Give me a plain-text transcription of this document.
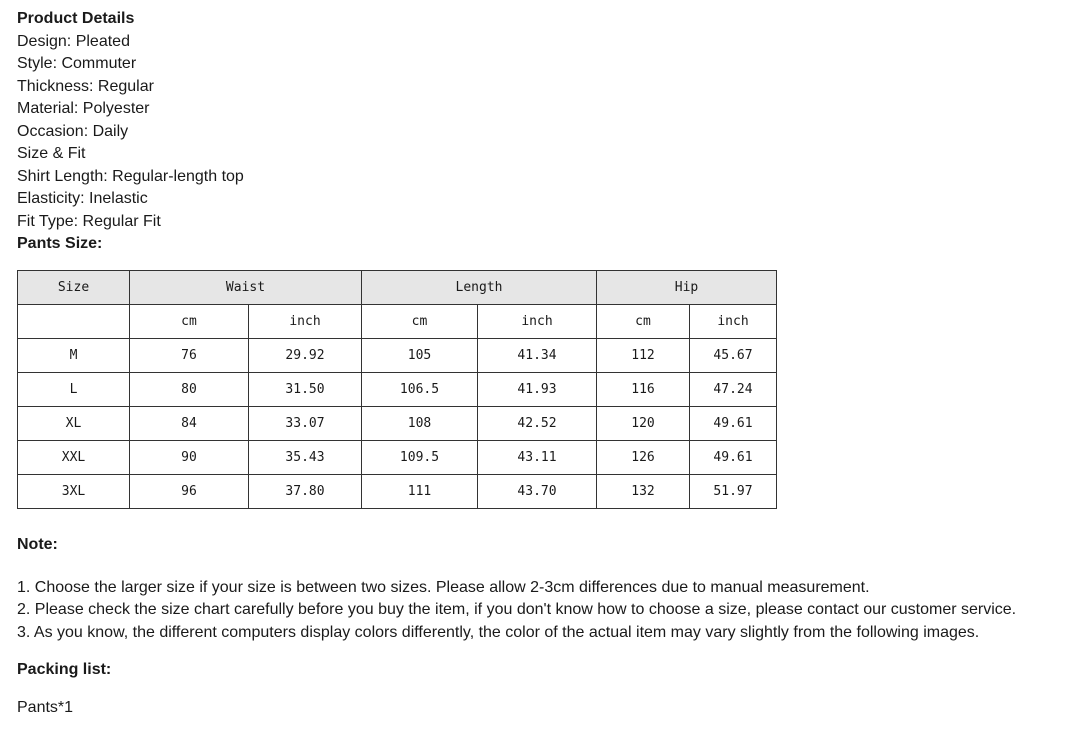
Product Details
Design: Pleated
Style: Commuter
Thickness: Regular
Material: Polyester
Occasion: Daily
Size & Fit
Shirt Length: Regular-length top
Elasticity: Inelastic
Fit Type: Regular Fit
Pants Size:
Size	Waist		Length		Hip	
	cm	inch	cm	inch	cm	inch
M	76	29.92	105	41.34	112	45.67
L	80	31.50	106.5	41.93	116	47.24
XL	84	33.07	108	42.52	120	49.61
XXL	90	35.43	109.5	43.11	126	49.61
3XL	96	37.80	111	43.70	132	51.97
Note:
1. Choose the larger size if your size is between two sizes. Please allow 2-3cm differences due to manual measurement.
2. Please check the size chart carefully before you buy the item, if you don't know how to choose a size, please contact our customer service.
3. As you know, the different computers display colors differently, the color of the actual item may vary slightly from the following images.
Packing list:
Pants*1
